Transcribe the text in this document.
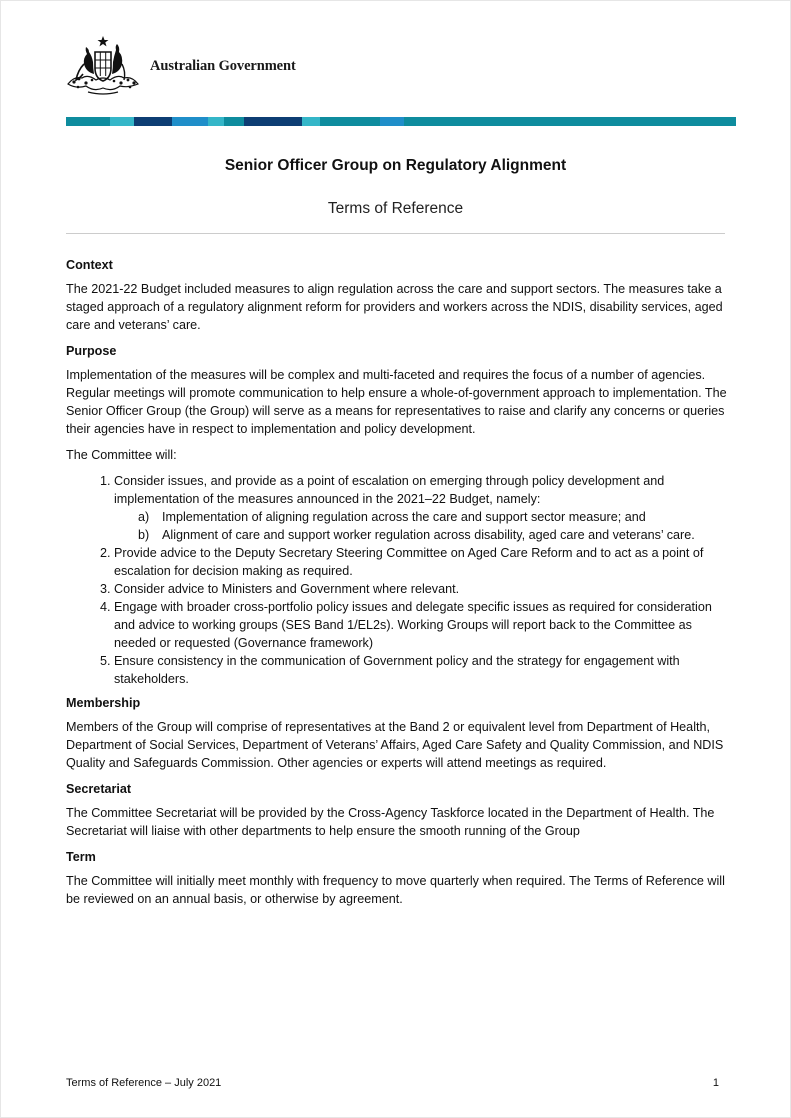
Australian Government
Senior Officer Group on Regulatory Alignment
Terms of Reference
Context

The 2021-22 Budget included measures to align regulation across the care and support sectors. The measures take a staged approach of a regulatory alignment reform for providers and workers across the NDIS, disability services, aged care and veterans’ care.

Purpose

Implementation of the measures will be complex and multi-faceted and requires the focus of a number of agencies. Regular meetings will promote communication to help ensure a whole-of-government approach to implementation. The Senior Officer Group (the Group) will serve as a means for representatives to raise and clarify any concerns or queries their agencies have in respect to implementation and policy development.

The Committee will:

1. Consider issues, and provide as a point of escalation on emerging through policy development and implementation of the measures announced in the 2021–22 Budget, namely:
Implementation of aligning regulation across the care and support sector measure; and
Alignment of care and support worker regulation across disability, aged care and veterans’ care.
2. Provide advice to the Deputy Secretary Steering Committee on Aged Care Reform and to act as a point of escalation for decision making as required.
3. Consider advice to Ministers and Government where relevant.
4. Engage with broader cross-portfolio policy issues and delegate specific issues as required for consideration and advice to working groups (SES Band 1/EL2s). Working Groups will report back to the Committee as needed or requested (Governance framework)
5. Ensure consistency in the communication of Government policy and the strategy for engagement with stakeholders.
Membership

Members of the Group will comprise of representatives at the Band 2 or equivalent level from Department of Health, Department of Social Services, Department of Veterans’ Affairs, Aged Care Safety and Quality Commission, and NDIS Quality and Safeguards Commission. Other agencies or experts will attend meetings as required.

Secretariat

The Committee Secretariat will be provided by the Cross-Agency Taskforce located in the Department of Health. The Secretariat will liaise with other departments to help ensure the smooth running of the Group

Term

The Committee will initially meet monthly with frequency to move quarterly when required. The Terms of Reference will be reviewed on an annual basis, or otherwise by agreement.

Terms of Reference – July 2021	1
